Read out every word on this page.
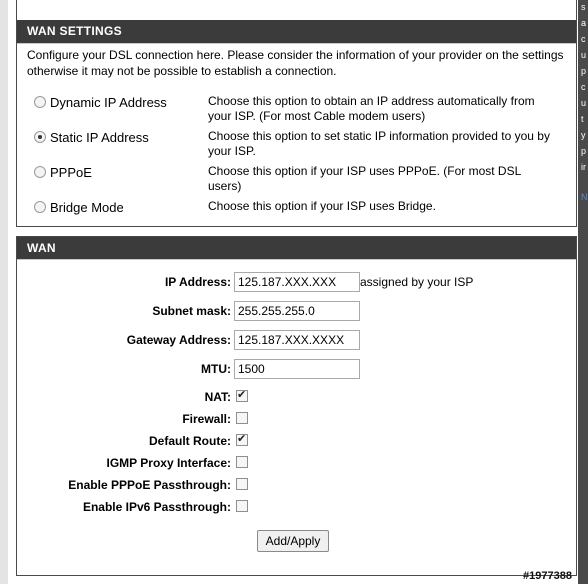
s
a
c
u
p
c
u
t
y
p
ir
N
WAN SETTINGS
Configure your DSL connection here. Please consider the information of your provider on the settings otherwise it may not be possible to establish a connection.
Dynamic IP Address	Choose this option to obtain an IP address automatically from your ISP. (For most Cable modem users)
Static IP Address	Choose this option to set static IP information provided to you by your ISP.
PPPoE	Choose this option if your ISP uses PPPoE. (For most DSL users)
Bridge Mode	Choose this option if your ISP uses Bridge.
WAN
IP Address: 125.187.XXX.XXX	assigned by your ISP
Subnet mask: 255.255.255.0
Gateway Address: 125.187.XXX.XXXX
MTU: 1500
NAT:
✔
Firewall:
Default Route:
✔
IGMP Proxy Interface:
Enable PPPoE Passthrough:
Enable IPv6 Passthrough:
Add/Apply
#1977388
